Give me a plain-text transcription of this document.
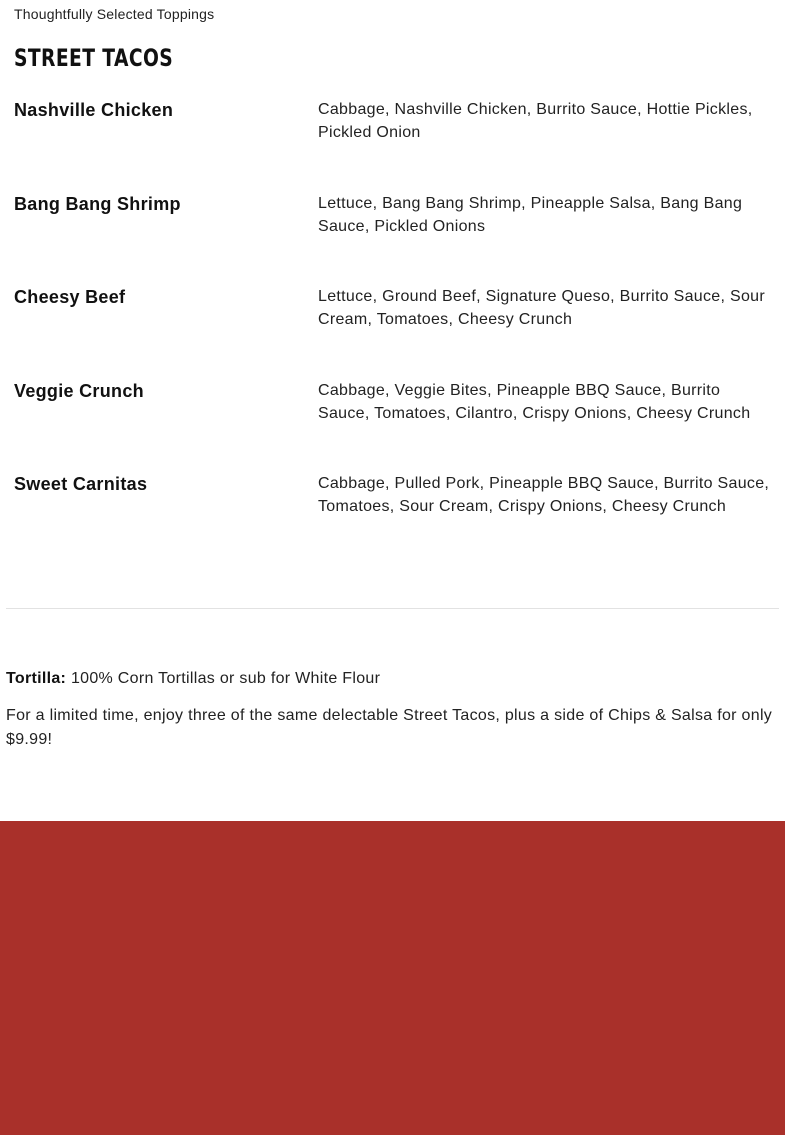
Thoughtfully Selected Toppings
STREET TACOS
Nashville Chicken	Cabbage, Nashville Chicken, Burrito Sauce, Hottie Pickles, Pickled Onion
Bang Bang Shrimp	Lettuce, Bang Bang Shrimp, Pineapple Salsa, Bang Bang Sauce, Pickled Onions
Cheesy Beef	Lettuce, Ground Beef, Signature Queso, Burrito Sauce, Sour Cream, Tomatoes, Cheesy Crunch
Veggie Crunch	Cabbage, Veggie Bites, Pineapple BBQ Sauce, Burrito Sauce, Tomatoes, Cilantro, Crispy Onions, Cheesy Crunch
Sweet Carnitas	Cabbage, Pulled Pork, Pineapple BBQ Sauce, Burrito Sauce, Tomatoes, Sour Cream, Crispy Onions, Cheesy Crunch
Tortilla: 100% Corn Tortillas or sub for White Flour
For a limited time, enjoy three of the same delectable Street Tacos, plus a side of Chips & Salsa for only $9.99!
